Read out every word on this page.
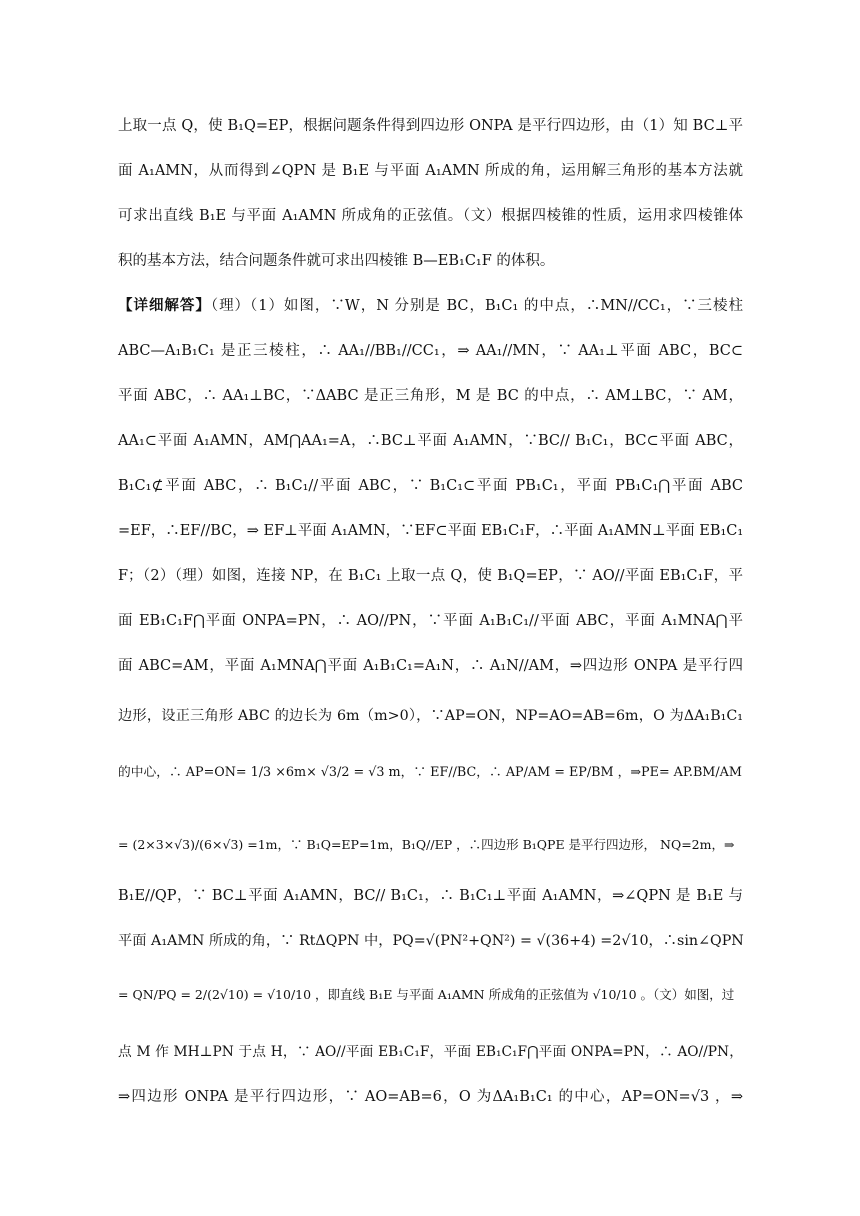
上取一点 Q，使 B₁Q=EP，根据问题条件得到四边形 ONPA 是平行四边形，由（1）知 BC⊥平
面 A₁AMN，从而得到∠QPN 是 B₁E 与平面 A₁AMN 所成的角，运用解三角形的基本方法就
可求出直线 B₁E 与平面 A₁AMN 所成角的正弦值。（文）根据四棱锥的性质，运用求四棱锥体
积的基本方法，结合问题条件就可求出四棱锥 B—EB₁C₁F 的体积。
【详细解答】（理）（1）如图，∵W，N 分别是 BC，B₁C₁ 的中点，∴MN//CC₁，∵三棱柱
ABC—A₁B₁C₁ 是正三棱柱，∴ AA₁//BB₁//CC₁，⇒ AA₁//MN，∵ AA₁⊥平面 ABC，BC⊂
平面 ABC，∴ AA₁⊥BC，∵ΔABC 是正三角形，M 是 BC 的中点，∴ AM⊥BC，∵ AM，
AA₁⊂平面 A₁AMN，AM⋂AA₁=A，∴BC⊥平面 A₁AMN，∵BC// B₁C₁，BC⊂平面 ABC，
B₁C₁⊄平面 ABC，∴ B₁C₁//平面 ABC，∵ B₁C₁⊂平面 PB₁C₁，平面 PB₁C₁⋂平面 ABC
=EF，∴EF//BC，⇒ EF⊥平面 A₁AMN，∵EF⊂平面 EB₁C₁F，∴平面 A₁AMN⊥平面 EB₁C₁
F；（2）（理）如图，连接 NP，在 B₁C₁ 上取一点 Q，使 B₁Q=EP，∵ AO//平面 EB₁C₁F，平
面 EB₁C₁F⋂平面 ONPA=PN，∴ AO//PN，∵平面 A₁B₁C₁//平面 ABC，平面 A₁MNA⋂平
面 ABC=AM，平面 A₁MNA⋂平面 A₁B₁C₁=A₁N，∴ A₁N//AM，⇒四边形 ONPA 是平行四
边形，设正三角形 ABC 的边长为 6m（m>0），∵AP=ON，NP=AO=AB=6m，O 为ΔA₁B₁C₁
的中心，∴ AP=ON= 1/3 ×6m× √3/2 = √3 m，∵ EF//BC，∴ AP/AM = EP/BM ，⇒PE= AP.BM/AM
= (2×3×√3)/(6×√3) =1m，∵ B₁Q=EP=1m，B₁Q//EP ，∴四边形 B₁QPE 是平行四边形， NQ=2m，⇒
B₁E//QP，∵ BC⊥平面 A₁AMN，BC// B₁C₁，∴ B₁C₁⊥平面 A₁AMN，⇒∠QPN 是 B₁E 与
平面 A₁AMN 所成的角，∵ RtΔQPN 中，PQ=√(PN²+QN²) = √(36+4) =2√10，∴sin∠QPN
= QN/PQ = 2/(2√10) = √10/10 ，即直线 B₁E 与平面 A₁AMN 所成角的正弦值为 √10/10 。（文）如图，过
点 M 作 MH⊥PN 于点 H，∵ AO//平面 EB₁C₁F，平面 EB₁C₁F⋂平面 ONPA=PN，∴ AO//PN，
⇒四边形 ONPA 是平行四边形，∵ AO=AB=6，O 为ΔA₁B₁C₁ 的中心，AP=ON=√3 ，⇒
